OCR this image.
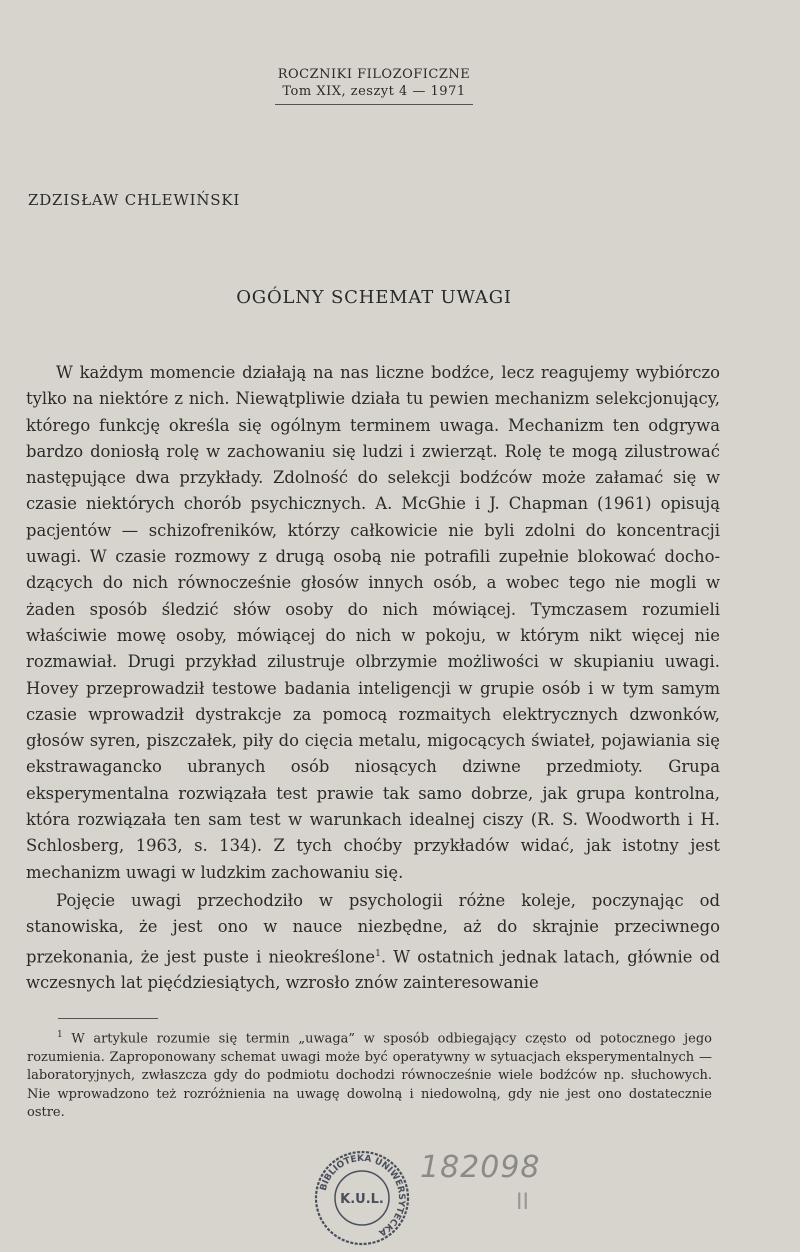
ROCZNIKI FILOZOFICZNE
Tom XIX, zeszyt 4 — 1971
ZDZISŁAW CHLEWIŃSKI
OGÓLNY SCHEMAT UWAGI

W każdym momencie działają na nas liczne bodźce, lecz reagujemy wybiórczo tylko na niektóre z nich. Niewątpliwie działa tu pewien mechanizm selekcjonujący, którego funkcję określa się ogólnym terminem uwaga. Mechanizm ten odgrywa bardzo doniosłą rolę w zachowaniu się ludzi i zwierząt. Rolę te mogą zilustrować następujące dwa przykłady. Zdolność do selekcji bodźców może załamać się w czasie niektórych chorób psychicznych. A. McGhie i J. Chapman (1961) opisują pacjentów — schizofreników, którzy całkowicie nie byli zdolni do koncentracji uwagi. W czasie rozmowy z drugą osobą nie potrafili zupełnie blokować dochodzących do nich równocześnie głosów innych osób, a wobec tego nie mogli w żaden sposób śledzić słów osoby do nich mówiącej. Tymczasem rozumieli właściwie mowę osoby, mówiącej do nich w pokoju, w którym nikt więcej nie rozmawiał. Drugi przykład zilustruje olbrzymie możliwości w skupianiu uwagi. Hovey przeprowadził testowe badania inteligencji w grupie osób i w tym samym czasie wprowadził dystrakcje za pomocą rozmaitych elektrycznych dzwonków, głosów syren, piszczałek, piły do cięcia metalu, migocących świateł, pojawiania się ekstrawagancko ubranych osób niosących dziwne przedmioty. Grupa eksperymentalna rozwiązała test prawie tak samo dobrze, jak grupa kontrolna, która rozwiązała ten sam test w warunkach idealnej ciszy (R. S. Woodworth i H. Schlosberg, 1963, s. 134). Z tych choćby przykładów widać, jak istotny jest mechanizm uwagi w ludzkim zachowaniu się.

Pojęcie uwagi przechodziło w psychologii różne koleje, poczynając od stanowiska, że jest ono w nauce niezbędne, aż do skrajnie przeciwnego przekonania, że jest puste i nieokreślone$^1$. W ostatnich jednak latach, głównie od wczesnych lat pięćdziesiątych, wzrosło znów zainteresowanie

$^1$ W artykule rozumie się termin „uwaga” w sposób odbiegający często od potocznego jego rozumienia. Zaproponowany schemat uwagi może być operatywny w sytuacjach eksperymentalnych — laboratoryjnych, zwłaszcza gdy do podmiotu dochodzi równocześnie wiele bodźców np. słuchowych. Nie wprowadzono też rozróżnienia na uwagę dowolną i niedowolną, gdy nie jest ono dostatecznie ostre.

BIBLIOTEKA UNIWERSYTECKA
K.U.L.
182098
II
